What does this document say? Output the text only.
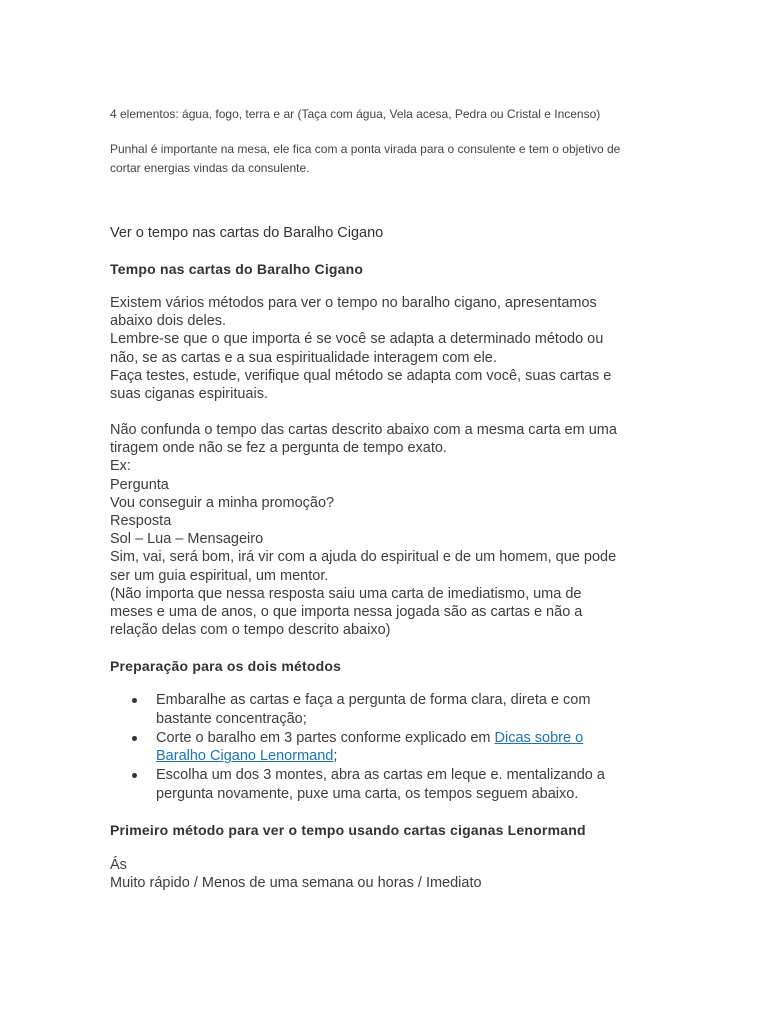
4 elementos: água, fogo, terra e ar (Taça com água, Vela acesa, Pedra ou Cristal e Incenso)

Punhal é importante na mesa, ele fica com a ponta virada para o consulente e tem o objetivo de
cortar energias vindas da consulente.

Ver o tempo nas cartas do Baralho Cigano

Tempo nas cartas do Baralho Cigano

Existem vários métodos para ver o tempo no baralho cigano, apresentamos
abaixo dois deles.
Lembre-se que o que importa é se você se adapta a determinado método ou
não, se as cartas e a sua espiritualidade interagem com ele.
Faça testes, estude, verifique qual método se adapta com você, suas cartas e
suas ciganas espirituais.

Não confunda o tempo das cartas descrito abaixo com a mesma carta em uma
tiragem onde não se fez a pergunta de tempo exato.
Ex:
Pergunta
Vou conseguir a minha promoção?
Resposta
Sol – Lua – Mensageiro
Sim, vai, será bom, irá vir com a ajuda do espiritual e de um homem, que pode
ser um guia espiritual, um mentor.
(Não importa que nessa resposta saiu uma carta de imediatismo, uma de
meses e uma de anos, o que importa nessa jogada são as cartas e não a
relação delas com o tempo descrito abaixo)

Preparação para os dois métodos

Embaralhe as cartas e faça a pergunta de forma clara, direta e com
bastante concentração;
Corte o baralho em 3 partes conforme explicado em Dicas sobre o
Baralho Cigano Lenormand;
Escolha um dos 3 montes, abra as cartas em leque e. mentalizando a
pergunta novamente, puxe uma carta, os tempos seguem abaixo.

Primeiro método para ver o tempo usando cartas ciganas Lenormand

Ás
Muito rápido / Menos de uma semana ou horas / Imediato
